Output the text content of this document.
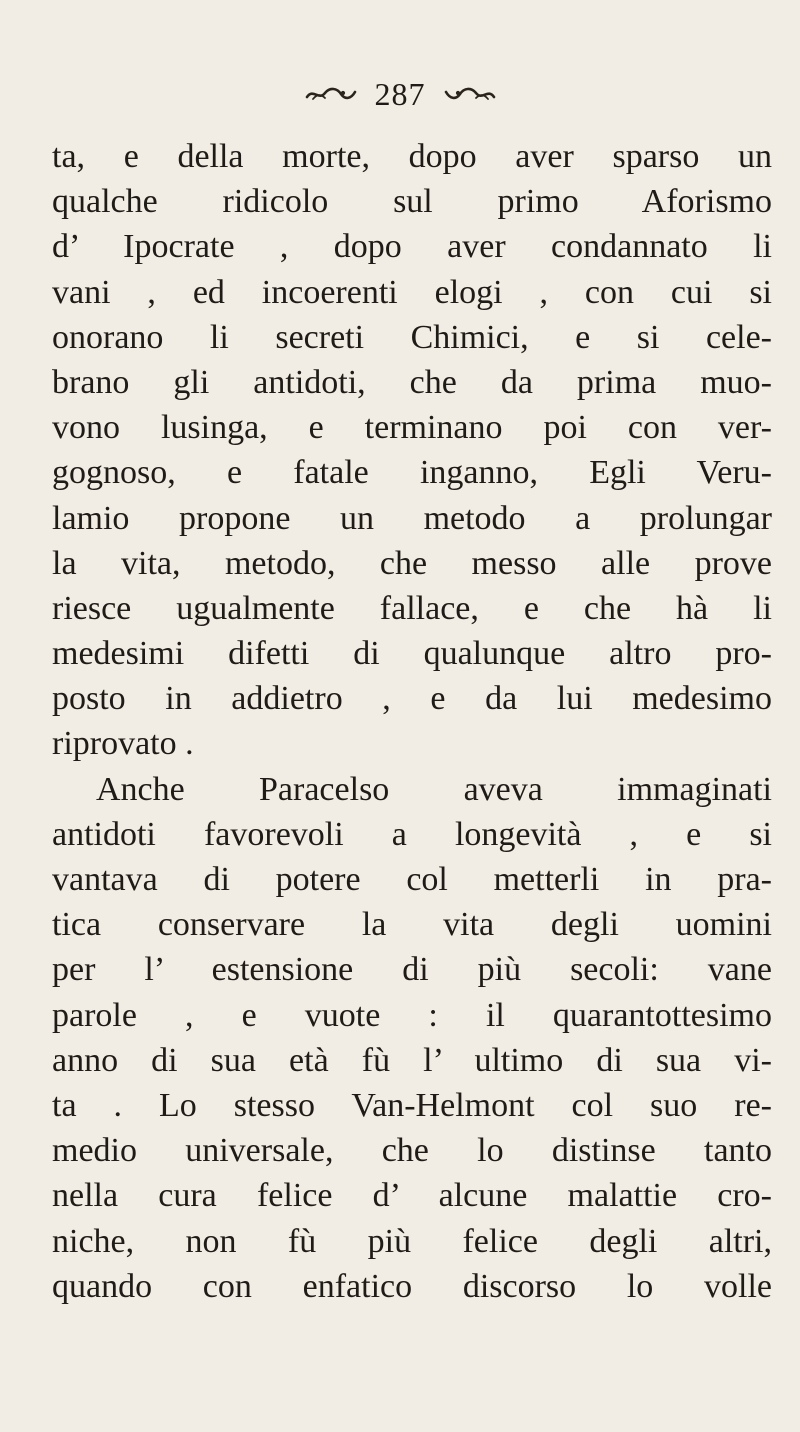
287
ta, e della morte, dopo aver sparso un
qualche ridicolo sul primo Aforismo
d’ Ipocrate , dopo aver condannato li
vani , ed incoerenti elogi , con cui si
onorano li secreti Chimici, e si cele-
brano gli antidoti, che da prima muo-
vono lusinga, e terminano poi con ver-
gognoso, e fatale inganno, Egli Veru-
lamio propone un metodo a prolungar
la vita, metodo, che messo alle prove
riesce ugualmente fallace, e che hà li
medesimi difetti di qualunque altro pro-
posto in addietro , e da lui medesimo
riprovato .
Anche Paracelso aveva immaginati
antidoti favorevoli a longevità , e si
vantava di potere col metterli in pra-
tica conservare la vita degli uomini
per l’ estensione di più secoli: vane
parole , e vuote : il quarantottesimo
anno di sua età fù l’ ultimo di sua vi-
ta . Lo stesso Van-Helmont col suo re-
medio universale, che lo distinse tanto
nella cura felice d’ alcune malattie cro-
niche, non fù più felice degli altri,
quando con enfatico discorso lo volle
